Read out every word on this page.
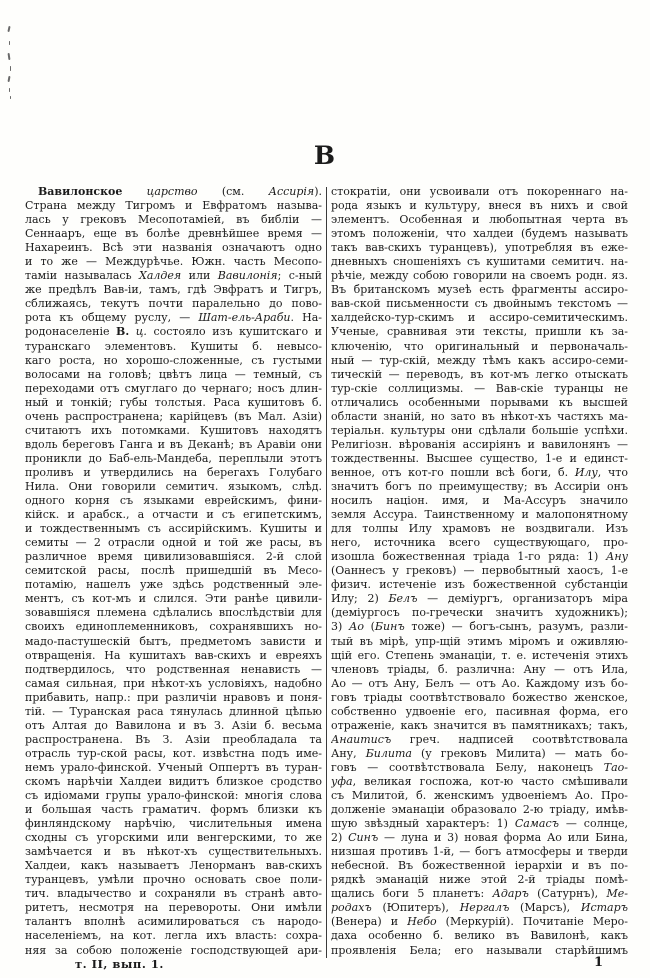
В
Вавилонское царство (см. Ассирія).
Страна между Тигромъ и Евфратомъ называ-
лась у грековъ Месопотаміей, въ библіи —
Сеннааръ, еще въ болѣе древнѣйшее время —
Нахареинъ. Всѣ эти названія означаютъ одно
и то же — Междурѣчье. Южн. часть Месопо-
таміи называлась Халдея или Вавилонія; с-ный
же предѣлъ Вав-іи, тамъ, гдѣ Эвфратъ и Тигръ,
сближаясь, текутъ почти паралельно до пово-
рота къ общему руслу, — Шат-ель-Араби. На-
родонаселеніе В. ц. состояло изъ кушитскаго и
туранскаго элементовъ. Кушиты б. невысо-
каго роста, но хорошо-сложенные, съ густыми
волосами на головѣ; цвѣтъ лица — темный, съ
переходами отъ смуглаго до чернаго; носъ длин-
ный и тонкій; губы толстыя. Раса кушитовъ б.
очень распространена; карійцевъ (въ Мал. Азіи)
считаютъ ихъ потомками. Кушитовъ находятъ
вдоль береговъ Ганга и въ Деканѣ; въ Аравіи они
проникли до Баб-ель-Мандеба, переплыли этотъ
проливъ и утвердились на берегахъ Голубаго
Нила. Они говорили семитич. языкомъ, слѣд.
одного корня съ языками еврейскимъ, фини-
кійск. и арабск., а отчасти и съ египетскимъ,
и тождественнымъ съ ассирійскимъ. Кушиты и
семиты — 2 отрасли одной и той же расы, въ
различное время цивилизовавшіяся. 2-й слой
семитской расы, послѣ пришедшій въ Месо-
потамію, нашелъ уже здѣсь родственный эле-
ментъ, съ кот-мъ и слился. Эти ранѣе цивили-
зовавшіяся племена сдѣлались впослѣдствіи для
своихъ единоплеменниковъ, сохранявшихъ но-
мадо-пастушескій бытъ, предметомъ зависти и
отвращенія. На кушитахъ вав-скихъ и евреяхъ
подтвердилось, что родственная ненависть —
самая сильная, при нѣкот-хъ условіяхъ, надобно
прибавить, напр.: при различіи нравовъ и поня-
тій. — Туранская раса тянулась длинной цѣпью
отъ Алтая до Вавилона и въ З. Азіи б. весьма
распространена. Въ З. Азіи преобладала та
отрасль тур-ской расы, кот. извѣстна подъ име-
немъ урало-финской. Ученый Оппертъ въ туран-
скомъ нарѣчіи Халдеи видитъ близкое сродство
съ идіомами групы урало-финской: многія слова
и большая часть граматич. формъ близки къ
финляндскому нарѣчію, числительныя имена
сходны съ угорскими или венгерскими, то же
замѣчается и въ нѣкот-хъ существительныхъ.
Халдеи, какъ называетъ Ленорманъ вав-скихъ
туранцевъ, умѣли прочно основать свое поли-
тич. владычество и сохраняли въ странѣ авто-
ритетъ, несмотря на перевороты. Они имѣли
талантъ вполнѣ асимилироваться съ народо-
населеніемъ, на кот. легла ихъ власть: сохра-
няя за собою положеніе господствующей ари-
стократіи, они усвоивали отъ покореннаго на-
рода языкъ и культуру, внеся въ нихъ и свой
элементъ. Особенная и любопытная черта въ
этомъ положеніи, что халдеи (будемъ называть
такъ вав-скихъ туранцевъ), употребляя въ еже-
дневныхъ сношеніяхъ съ кушитами семитич. на-
рѣчіе, между собою говорили на своемъ родн. яз.
Въ британскомъ музеѣ есть фрагменты ассиро-
вав-ской письменности съ двойнымъ текстомъ —
халдейско-тур-скимъ и ассиро-семитическимъ.
Ученые, сравнивая эти тексты, пришли къ за-
ключенію, что оригинальный и первоначаль-
ный — тур-скій, между тѣмъ какъ ассиро-семи-
тическій — переводъ, въ кот-мъ легко отыскать
тур-скіе соллицизмы. — Вав-скіе туранцы не
отличались особенными порывами къ высшей
области знаній, но зато въ нѣкот-хъ частяхъ ма-
теріальн. культуры они сдѣлали большіе успѣхи.
Религіозн. вѣрованія ассиріянъ и вавилонянъ —
тождественны. Высшее существо, 1-е и единст-
венное, отъ кот-го пошли всѣ боги, б. Илу, что
значитъ богъ по преимуществу; въ Ассиріи онъ
носилъ націон. имя, и Ма-Ассуръ значило
земля Ассура. Таинственному и малопонятному
для толпы Илу храмовъ не воздвигали. Изъ
него, источника всего существующаго, про-
изошла божественная тріада 1-го ряда: 1) Ану
(Оаннесъ у грековъ) — первобытный хаосъ, 1-е
физич. истеченіе изъ божественной субстанціи
Илу; 2) Белъ — деміургъ, организаторъ міра
(деміургосъ по-гречески значитъ художникъ);
3) Ао (Бинъ тоже) — богъ-сынъ, разумъ, разли-
тый въ мірѣ, упр-щій этимъ міромъ и оживляю-
щій его. Степень эманаціи, т. е. истеченія этихъ
членовъ тріады, б. различна: Ану — отъ Ила,
Ао — отъ Ану, Белъ — отъ Ао. Каждому изъ бо-
говъ тріады соотвѣтствовало божество женское,
собственно удвоеніе его, пасивная форма, его
отраженіе, какъ значится въ памятникахъ; такъ,
Анаитисъ греч. надписей соотвѣтствовала
Ану, Билита (у грековъ Милита) — мать бо-
говъ — соотвѣтствовала Белу, наконецъ Тао-
уфа, великая госпожа, кот-ю часто смѣшивали
съ Милитой, б. женскимъ удвоеніемъ Ао. Про-
долженіе эманаціи образовало 2-ю тріаду, имѣв-
шую звѣздный характеръ: 1) Самасъ — солнце,
2) Синъ — луна и 3) новая форма Ао или Бина,
низшая противъ 1-й, — богъ атмосферы и тверди
небесной. Въ божественной іерархіи и въ по-
рядкѣ эманацій ниже этой 2-й тріады помѣ-
щались боги 5 планетъ: Адаръ (Сатурнъ), Ме-
родахъ (Юпитеръ), Нергалъ (Марсъ), Истаръ
(Венера) и Небо (Меркурій). Почитаніе Меро-
даха особенно б. велико въ Вавилонѣ, какъ
проявленія Бела; его называли старѣйшимъ
т. II, вып. 1.	1
